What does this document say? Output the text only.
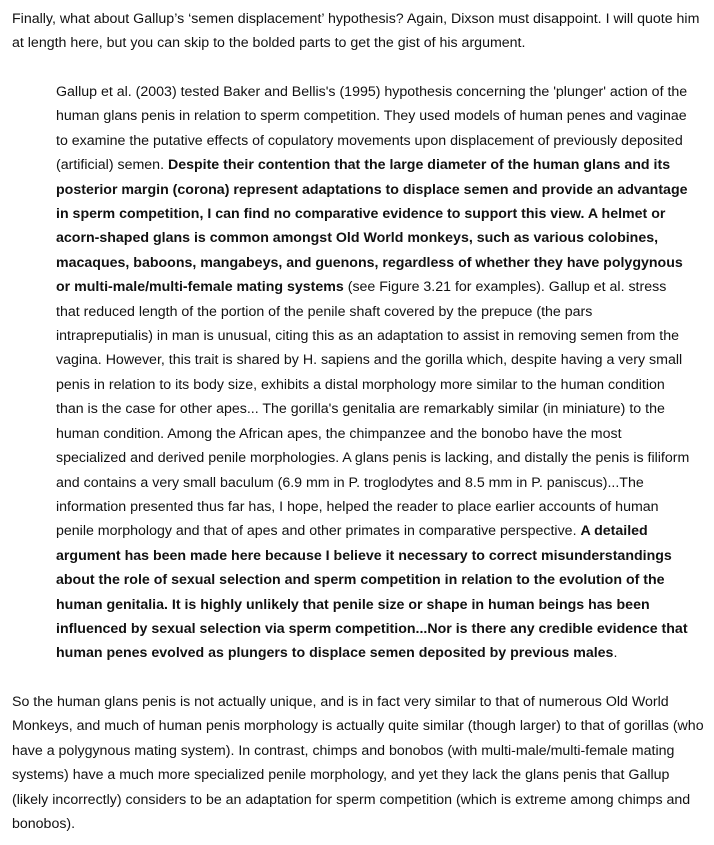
Finally, what about Gallup’s ‘semen displacement’ hypothesis? Again, Dixson must disappoint. I will quote him at length here, but you can skip to the bolded parts to get the gist of his argument.

Gallup et al. (2003) tested Baker and Bellis's (1995) hypothesis concerning the 'plunger' action of the human glans penis in relation to sperm competition. They used models of human penes and vaginae to examine the putative effects of copulatory movements upon displacement of previously deposited (artificial) semen. Despite their contention that the large diameter of the human glans and its posterior margin (corona) represent adaptations to displace semen and provide an advantage in sperm competition, I can find no comparative evidence to support this view. A helmet or acorn-shaped glans is common amongst Old World monkeys, such as various colobines, macaques, baboons, mangabeys, and guenons, regardless of whether they have polygynous or multi-male/multi-female mating systems (see Figure 3.21 for examples). Gallup et al. stress that reduced length of the portion of the penile shaft covered by the prepuce (the pars intrapreputialis) in man is unusual, citing this as an adaptation to assist in removing semen from the vagina. However, this trait is shared by H. sapiens and the gorilla which, despite having a very small penis in relation to its body size, exhibits a distal morphology more similar to the human condition than is the case for other apes... The gorilla's genitalia are remarkably similar (in miniature) to the human condition. Among the African apes, the chimpanzee and the bonobo have the most specialized and derived penile morphologies. A glans penis is lacking, and distally the penis is filiform and contains a very small baculum (6.9 mm in P. troglodytes and 8.5 mm in P. paniscus)...The information presented thus far has, I hope, helped the reader to place earlier accounts of human penile morphology and that of apes and other primates in comparative perspective. A detailed argument has been made here because I believe it necessary to correct misunderstandings about the role of sexual selection and sperm competition in relation to the evolution of the human genitalia. It is highly unlikely that penile size or shape in human beings has been influenced by sexual selection via sperm competition...Nor is there any credible evidence that human penes evolved as plungers to displace semen deposited by previous males.

So the human glans penis is not actually unique, and is in fact very similar to that of numerous Old World Monkeys, and much of human penis morphology is actually quite similar (though larger) to that of gorillas (who have a polygynous mating system). In contrast, chimps and bonobos (with multi-male/multi-female mating systems) have a much more specialized penile morphology, and yet they lack the glans penis that Gallup (likely incorrectly) considers to be an adaptation for sperm competition (which is extreme among chimps and bonobos).
